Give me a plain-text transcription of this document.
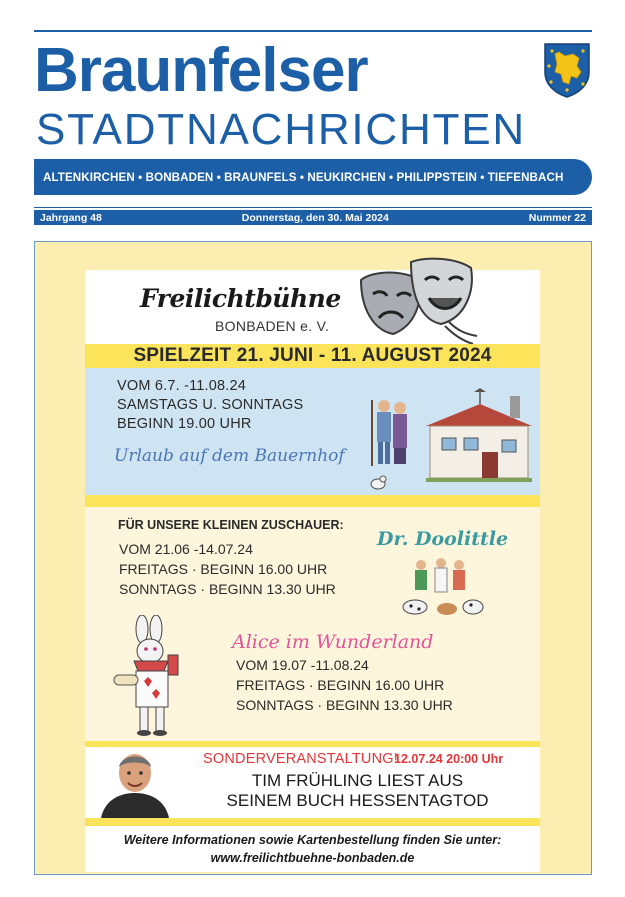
Braunfelser
STADTNACHRICHTEN
ALTENKIRCHEN • BONBADEN • BRAUNFELS • NEUKIRCHEN • PHILIPPSTEIN • TIEFENBACH
Jahrgang 48	Donnerstag, den 30. Mai 2024	Nummer 22
Freilichtbühne
BONBADEN e. V.
SPIELZEIT 21. JUNI - 11. AUGUST 2024
VOM 6.7. -11.08.24
SAMSTAGS U. SONNTAGS
BEGINN 19.00 UHR
Urlaub auf dem Bauernhof
FÜR UNSERE KLEINEN ZUSCHAUER:
Dr. Doolittle
VOM 21.06 -14.07.24
FREITAGS · BEGINN 16.00 UHR
SONNTAGS · BEGINN 13.30 UHR
Alice im Wunderland
VOM 19.07 -11.08.24
FREITAGS · BEGINN 16.00 UHR
SONNTAGS · BEGINN 13.30 UHR
SONDERVERANSTALTUNG!
12.07.24 20:00 Uhr
TIM FRÜHLING LIEST AUS
SEINEM BUCH HESSENTAGTOD
Weitere Informationen sowie Kartenbestellung finden Sie unter:
www.freilichtbuehne-bonbaden.de
